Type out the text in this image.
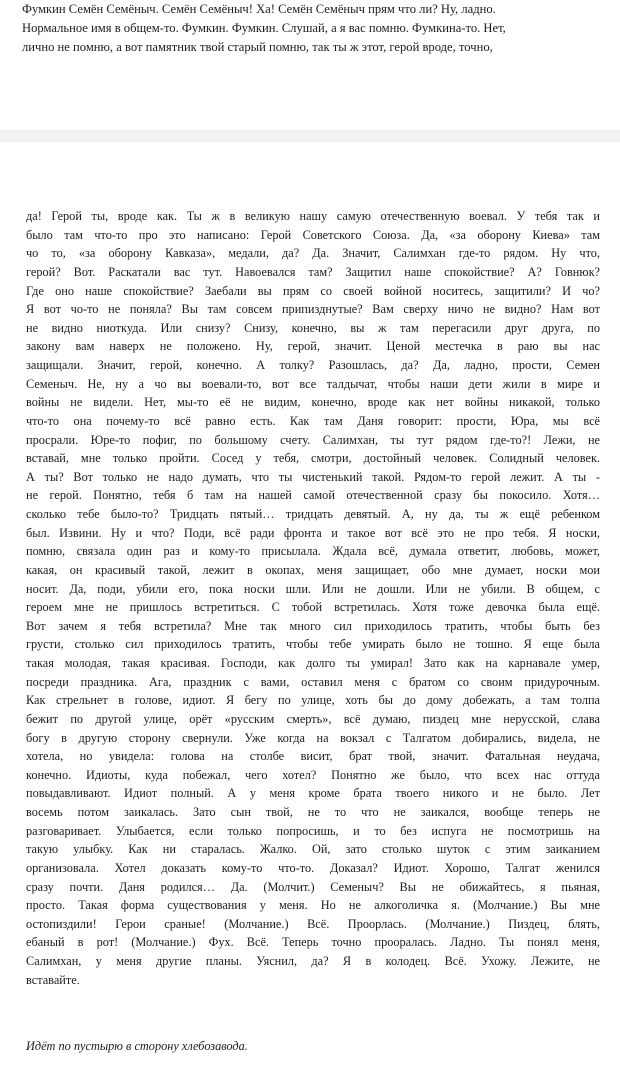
Фумкин Семён Семёныч. Семён Семёныч! Ха! Семён Семёныч прям что ли? Ну, ладно.
Нормальное имя в общем-то. Фумкин. Фумкин. Слушай, а я вас помню. Фумкина-то. Нет,
лично не помню, а вот памятник твой старый помню, так ты ж этот, герой вроде, точно,
да! Герой ты, вроде как. Ты ж в великую нашу самую отечественную воевал. У тебя так и
было там что-то про это написано: Герой Советского Союза. Да, «за оборону Киева» там
чо то, «за оборону Кавказа», медали, да? Да. Значит, Салимхан где-то рядом. Ну что,
герой? Вот. Раскатали вас тут. Навоевался там? Защитил наше спокойствие? А? Говнюк?
Где оно наше спокойствие? Заебали вы прям со своей войной носитесь, защитили? И чо?
Я вот чо-то не поняла? Вы там совсем припизднутые? Вам сверху ничо не видно? Нам вот
не видно ниоткуда. Или снизу? Снизу, конечно, вы ж там перегасили друг друга, по
закону вам наверх не положено. Ну, герой, значит. Ценой местечка в раю вы нас
защищали. Значит, герой, конечно. А толку? Разошлась, да? Да, ладно, прости, Семен
Семеныч. Не, ну а чо вы воевали-то, вот все талдычат, чтобы наши дети жили в мире и
войны не видели. Нет, мы-то её не видим, конечно, вроде как нет войны никакой, только
что-то она почему-то всё равно есть. Как там Даня говорит: прости, Юра, мы всё
просрали. Юре-то пофиг, по большому счету. Салимхан, ты тут рядом где-то?! Лежи, не
вставай, мне только пройти. Сосед у тебя, смотри, достойный человек. Солидный человек.
А ты? Вот только не надо думать, что ты чистенький такой. Рядом-то герой лежит. А ты -
не герой. Понятно, тебя б там на нашей самой отечественной сразу бы покосило. Хотя…
сколько тебе было-то? Тридцать пятый… тридцать девятый. А, ну да, ты ж ещё ребенком
был. Извини. Ну и что? Поди, всё ради фронта и такое вот всё это не про тебя. Я носки,
помню, связала один раз и кому-то присылала. Ждала всё, думала ответит, любовь, может,
какая, он красивый такой, лежит в окопах, меня защищает, обо мне думает, носки мои
носит. Да, поди, убили его, пока носки шли. Или не дошли. Или не убили. В общем, с
героем мне не пришлось встретиться. С тобой встретилась. Хотя тоже девочка была ещё.
Вот зачем я тебя встретила? Мне так много сил приходилось тратить, чтобы быть без
грусти, столько сил приходилось тратить, чтобы тебе умирать было не тошно. Я еще была
такая молодая, такая красивая. Господи, как долго ты умирал! Зато как на карнавале умер,
посреди праздника. Ага, праздник с вами, оставил меня с братом со своим придурочным.
Как стрельнет в голове, идиот. Я бегу по улице, хоть бы до дому добежать, а там толпа
бежит по другой улице, орёт «русским смерть», всё думаю, пиздец мне нерусской, слава
богу в другую сторону свернули. Уже когда на вокзал с Талгатом добирались, видела, не
хотела, но увидела: голова на столбе висит, брат твой, значит. Фатальная неудача,
конечно. Идиоты, куда побежал, чего хотел? Понятно же было, что всех нас оттуда
повыдавливают. Идиот полный. А у меня кроме брата твоего никого и не было. Лет
восемь потом заикалась. Зато сын твой, не то что не заикался, вообще теперь не
разговаривает. Улыбается, если только попросишь, и то без испуга не посмотришь на
такую улыбку. Как ни старалась. Жалко. Ой, зато столько шуток с этим заиканием
организовала. Хотел доказать кому-то что-то. Доказал? Идиот. Хорошо, Талгат женился
сразу почти. Даня родился… Да. (Молчит.) Семеныч? Вы не обижайтесь, я пьяная,
просто. Такая форма существования у меня. Но не алкоголичка я. (Молчание.) Вы мне
остопиздили! Герои сраные! (Молчание.) Всё. Проорлась. (Молчание.) Пиздец, блять,
ебаный в рот! (Молчание.) Фух. Всё. Теперь точно прооралась. Ладно. Ты понял меня,
Салимхан, у меня другие планы. Уяснил, да? Я в колодец. Всё. Ухожу. Лежите, не
вставайте.
Идёт по пустырю в сторону хлебозавода.
